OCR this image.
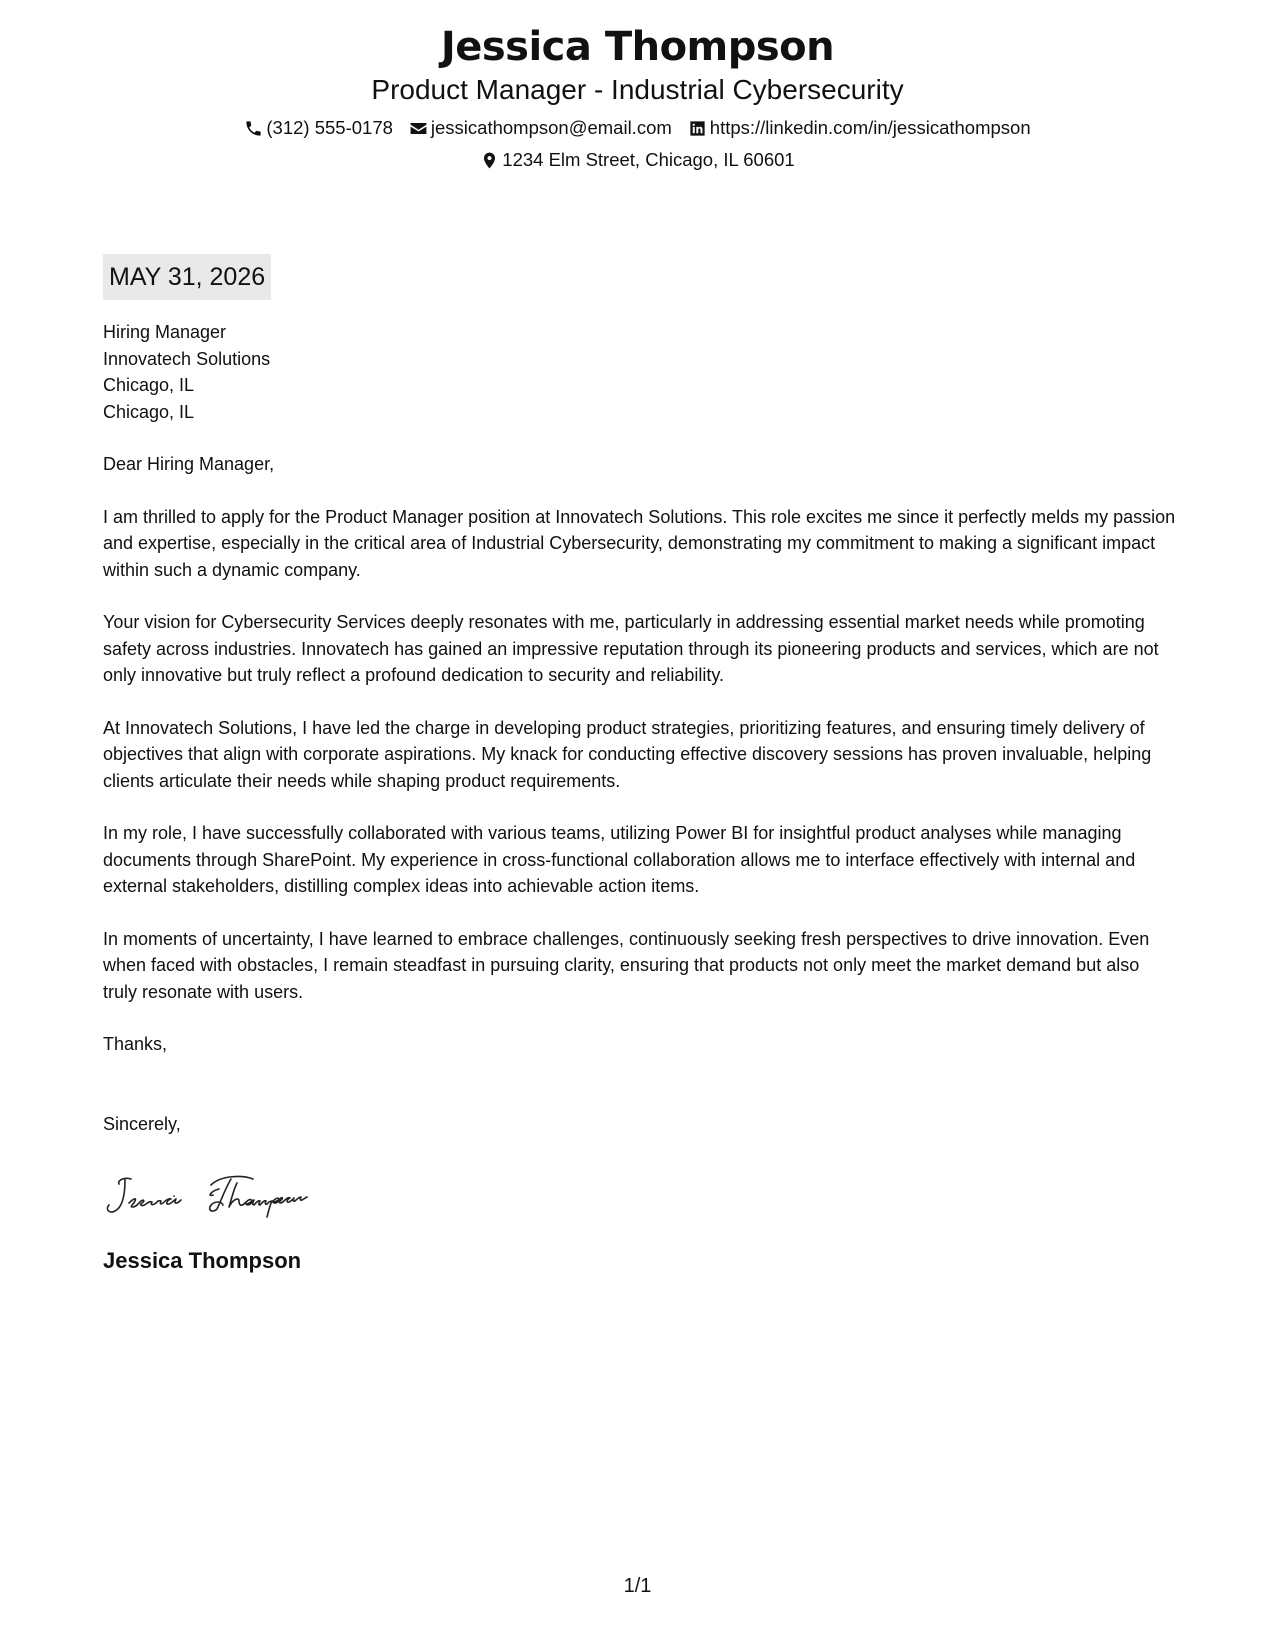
Jessica Thompson
Product Manager - Industrial Cybersecurity
(312) 555-0178 jessicathompson@email.com https://linkedin.com/in/jessicathompson
1234 Elm Street, Chicago, IL 60601
MAY 31, 2026
Hiring Manager
Innovatech Solutions
Chicago, IL
Chicago, IL
Dear Hiring Manager,
I am thrilled to apply for the Product Manager position at Innovatech Solutions. This role excites me since it perfectly melds my passion and expertise, especially in the critical area of Industrial Cybersecurity, demonstrating my commitment to making a significant impact within such a dynamic company.
Your vision for Cybersecurity Services deeply resonates with me, particularly in addressing essential market needs while promoting safety across industries. Innovatech has gained an impressive reputation through its pioneering products and services, which are not only innovative but truly reflect a profound dedication to security and reliability.
At Innovatech Solutions, I have led the charge in developing product strategies, prioritizing features, and ensuring timely delivery of objectives that align with corporate aspirations. My knack for conducting effective discovery sessions has proven invaluable, helping clients articulate their needs while shaping product requirements.
In my role, I have successfully collaborated with various teams, utilizing Power BI for insightful product analyses while managing documents through SharePoint. My experience in cross-functional collaboration allows me to interface effectively with internal and external stakeholders, distilling complex ideas into achievable action items.
In moments of uncertainty, I have learned to embrace challenges, continuously seeking fresh perspectives to drive innovation. Even when faced with obstacles, I remain steadfast in pursuing clarity, ensuring that products not only meet the market demand but also truly resonate with users.
Thanks,
Sincerely,
Jessica Thompson
1/1
